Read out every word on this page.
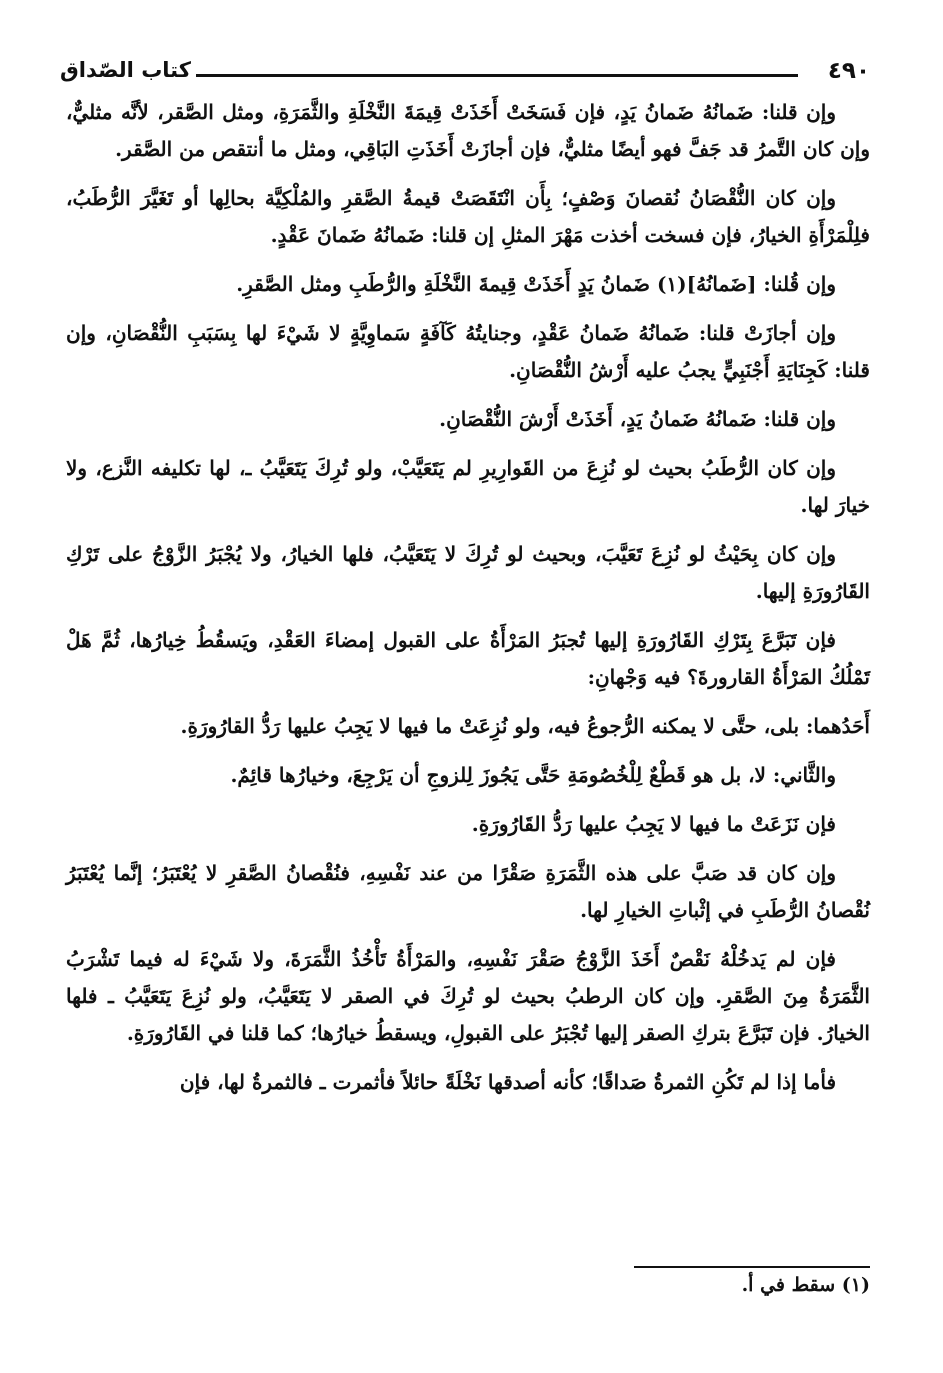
٤٩٠
كتاب الصّداق

وإن قلنا: ضَمانُهُ ضَمانُ يَدٍ، فإن فَسَخَتْ أَخَذَتْ قِيمَةَ النَّخْلَةِ والثَّمَرَةِ، ومثل الصَّقر، لأنَّه مثليٌّ، وإن كان التَّمرُ قد جَفَّ فهو أيضًا مثليٌّ، فإن أجازَتْ أَخَذَتِ البَاقِي، ومثل ما أنتقص من الصَّقر.

وإن كان النُّقْصَانُ نُقصانَ وَصْفٍ؛ بِأَن انْتَقَصَتْ قيمةُ الصَّقرِ والمُلْكِيَّة بحالِها أو تَغَيَّرَ الرُّطَبُ، فلِلْمَرْأَةِ الخيارُ، فإن فسخت أخذت مَهْرَ المثلِ إن قلنا: ضَمانُهُ ضَمانَ عَقْدٍ.

وإن قُلنا: [ضَمانُهُ](١) ضَمانُ يَدٍ أَخَذَتْ قِيمةَ النَّخْلَةِ والرُّطَبِ ومثل الصَّقرِ.

وإن أجازَتْ قلنا: ضَمانُهُ ضَمانُ عَقْدٍ، وجنايتُهُ كَآفَةٍ سَماوِيَّةٍ لا شَيْءَ لها بِسَبَبِ النُّقْصَانِ، وإن قلنا: كَجِنَايَةِ أَجْنَبِيٍّ يجبُ عليه أَرْشُ النُّقْصَانِ.

وإن قلنا: ضَمانُهُ ضَمانُ يَدٍ، أَخَذَتْ أَرْشَ النُّقْصَانِ.

وإن كان الرُّطَبُ بحيث لو نُزِعَ من القَوارِيرِ لم يَتَعَيَّبْ، ولو تُرِكَ يَتَعَيَّبُ ـ، لها تكليفه النَّزع، ولا خيارَ لها.

وإن كان بِحَيْثُ لو نُزِعَ تَعَيَّبَ، وبحيث لو تُرِكَ لا يَتَعَيَّبُ، فلها الخيارُ، ولا يُجْبَرُ الزَّوْجُ على تَرْكِ القَارُورَةِ إليها.

فإن تَبَرَّعَ بِتَرْكِ القَارُورَةِ إليها تُجبَرُ المَرْأَةُ على القبول إمضاءَ العَقْدِ، ويَسقُطُ خِيارُها، ثُمَّ هَلْ تَمْلُكُ المَرْأَةُ القارورةَ؟ فيه وَجْهانِ:

أَحَدُهما: بلى، حتَّى لا يمكنه الرُّجوعُ فيه، ولو نُزِعَتْ ما فيها لا يَجِبُ عليها رَدُّ القارُورَةِ.

والثَّاني: لا، بل هو قَطْعٌ لِلْخُصُومَةِ حَتَّى يَجُوزَ لِلزوجِ أن يَرْجِعَ، وخيارُها قائِمٌ.

فإن نَزَعَتْ ما فيها لا يَجِبُ عليها رَدُّ القَارُورَةِ.

وإن كان قد صَبَّ على هذه الثَّمَرَةِ صَقْرًا من عند نَفْسِهِ، فنُقْصانُ الصَّقرِ لا يُعْتَبَرُ؛ إنَّما يُعْتَبَرُ نُقْصانُ الرُّطَبِ في إثْباتِ الخيارِ لها.

فإن لم يَدخُلْهُ نَقْصٌ أَخَذَ الزَّوْجُ صَقْرَ نَفْسِهِ، والمَرْأَةُ تَأْخُذُ الثَّمَرَةَ، ولا شَيْءَ له فيما تَشْرَبُ الثَّمَرَةُ مِنَ الصَّقرِ. وإن كان الرطبُ بحيث لو تُرِكَ في الصقر لا يَتَعَيَّبُ، ولو نُزِعَ يَتَعَيَّبُ ـ فلها الخيارُ. فإن تَبَرَّعَ بتركِ الصقر إليها تُجْبَرُ على القبولِ، ويسقطُ خيارُها؛ كما قلنا في القَارُورَةِ.

فأما إذا لم تَكُنِ الثمرةُ صَداقًا؛ كأنه أصدقها نَخْلَةً حائلاً فأثمرت ـ فالثمرةُ لها، فإن

(١) سقط في أ.
